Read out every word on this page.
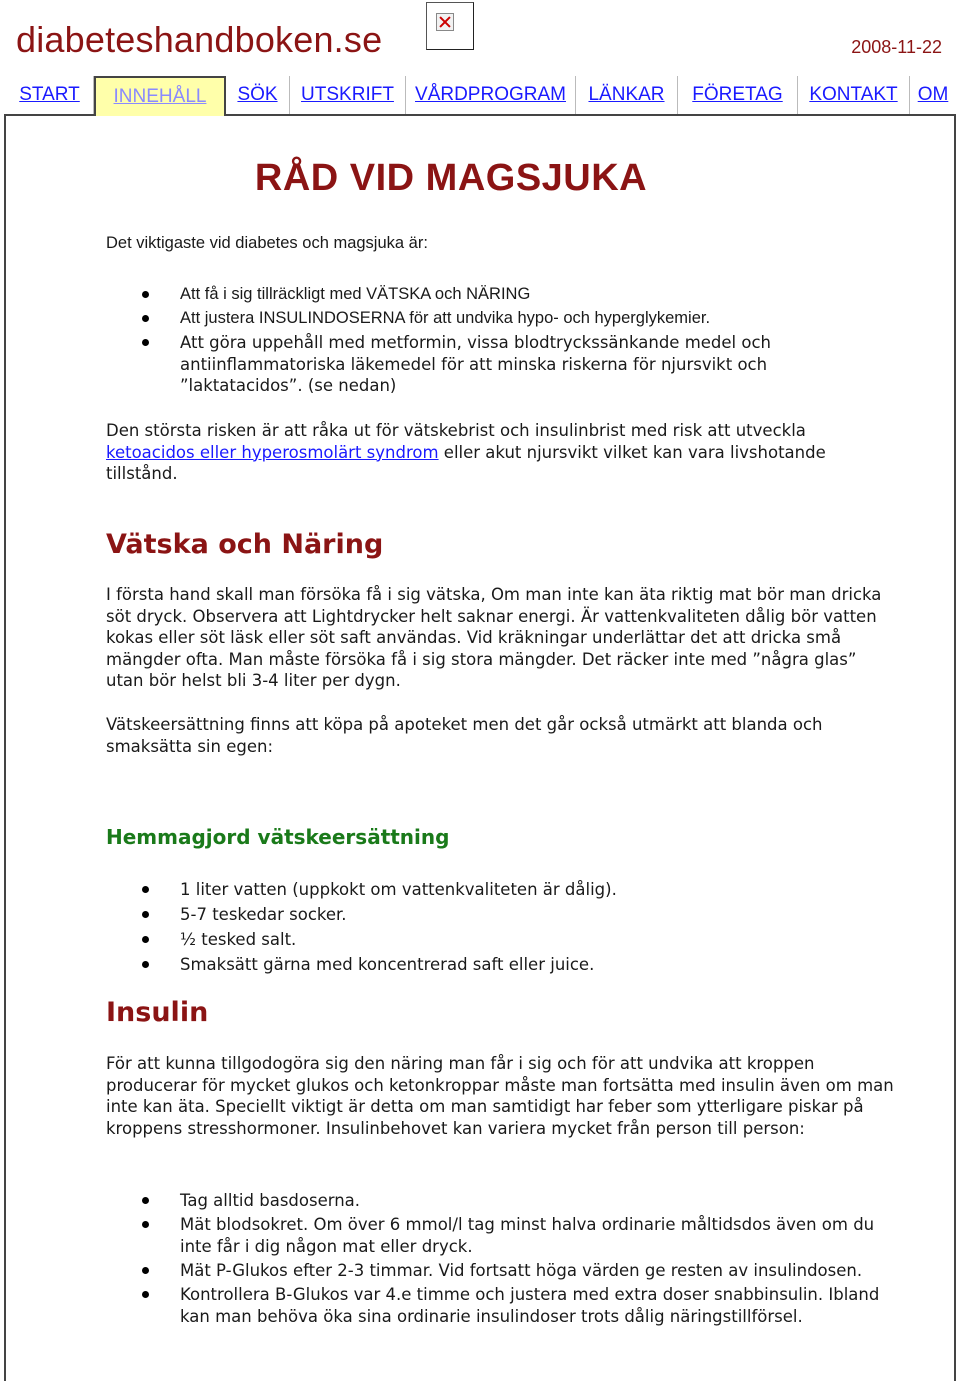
diabeteshandboken.se	2008-11-22
START	INNEHÅLL	SÖK	UTSKRIFT	VÅRDPROGRAM	LÄNKAR	FÖRETAG	KONTAKT	OM
RÅD VID MAGSJUKA

Det viktigaste vid diabetes och magsjuka är:

Att få i sig tillräckligt med VÄTSKA och NÄRING
Att justera INSULINDOSERNA för att undvika hypo- och hyperglykemier.
Att göra uppehåll med metformin, vissa blodtryckssänkande medel och antiinflammatoriska läkemedel för att minska riskerna för njursvikt och ”laktatacidos”. (se nedan)

Den största risken är att råka ut för vätskebrist och insulinbrist med risk att utveckla ketoacidos eller hyperosmolärt syndrom eller akut njursvikt vilket kan vara livshotande tillstånd.

Vätska och Näring

I första hand skall man försöka få i sig vätska, Om man inte kan äta riktig mat bör man dricka söt dryck. Observera att Lightdrycker helt saknar energi. Är vattenkvaliteten dålig bör vatten kokas eller söt läsk eller söt saft användas. Vid kräkningar underlättar det att dricka små mängder ofta. Man måste försöka få i sig stora mängder. Det räcker inte med ”några glas” utan bör helst bli 3-4 liter per dygn.

Vätskeersättning finns att köpa på apoteket men det går också utmärkt att blanda och smaksätta sin egen:

Hemmagjord vätskeersättning
1 liter vatten (uppkokt om vattenkvaliteten är dålig).
5-7 teskedar socker.
½ tesked salt.
Smaksätt gärna med koncentrerad saft eller juice.
Insulin

För att kunna tillgodogöra sig den näring man får i sig och för att undvika att kroppen producerar för mycket glukos och ketonkroppar måste man fortsätta med insulin även om man inte kan äta. Speciellt viktigt är detta om man samtidigt har feber som ytterligare piskar på kroppens stresshormoner. Insulinbehovet kan variera mycket från person till person:

Tag alltid basdoserna.
Mät blodsokret. Om över 6 mmol/l tag minst halva ordinarie måltidsdos även om du inte får i dig någon mat eller dryck.
Mät P-Glukos efter 2-3 timmar. Vid fortsatt höga värden ge resten av insulindosen.
Kontrollera B-Glukos var 4.e timme och justera med extra doser snabbinsulin. Ibland kan man behöva öka sina ordinarie insulindoser trots dålig näringstillförsel.
